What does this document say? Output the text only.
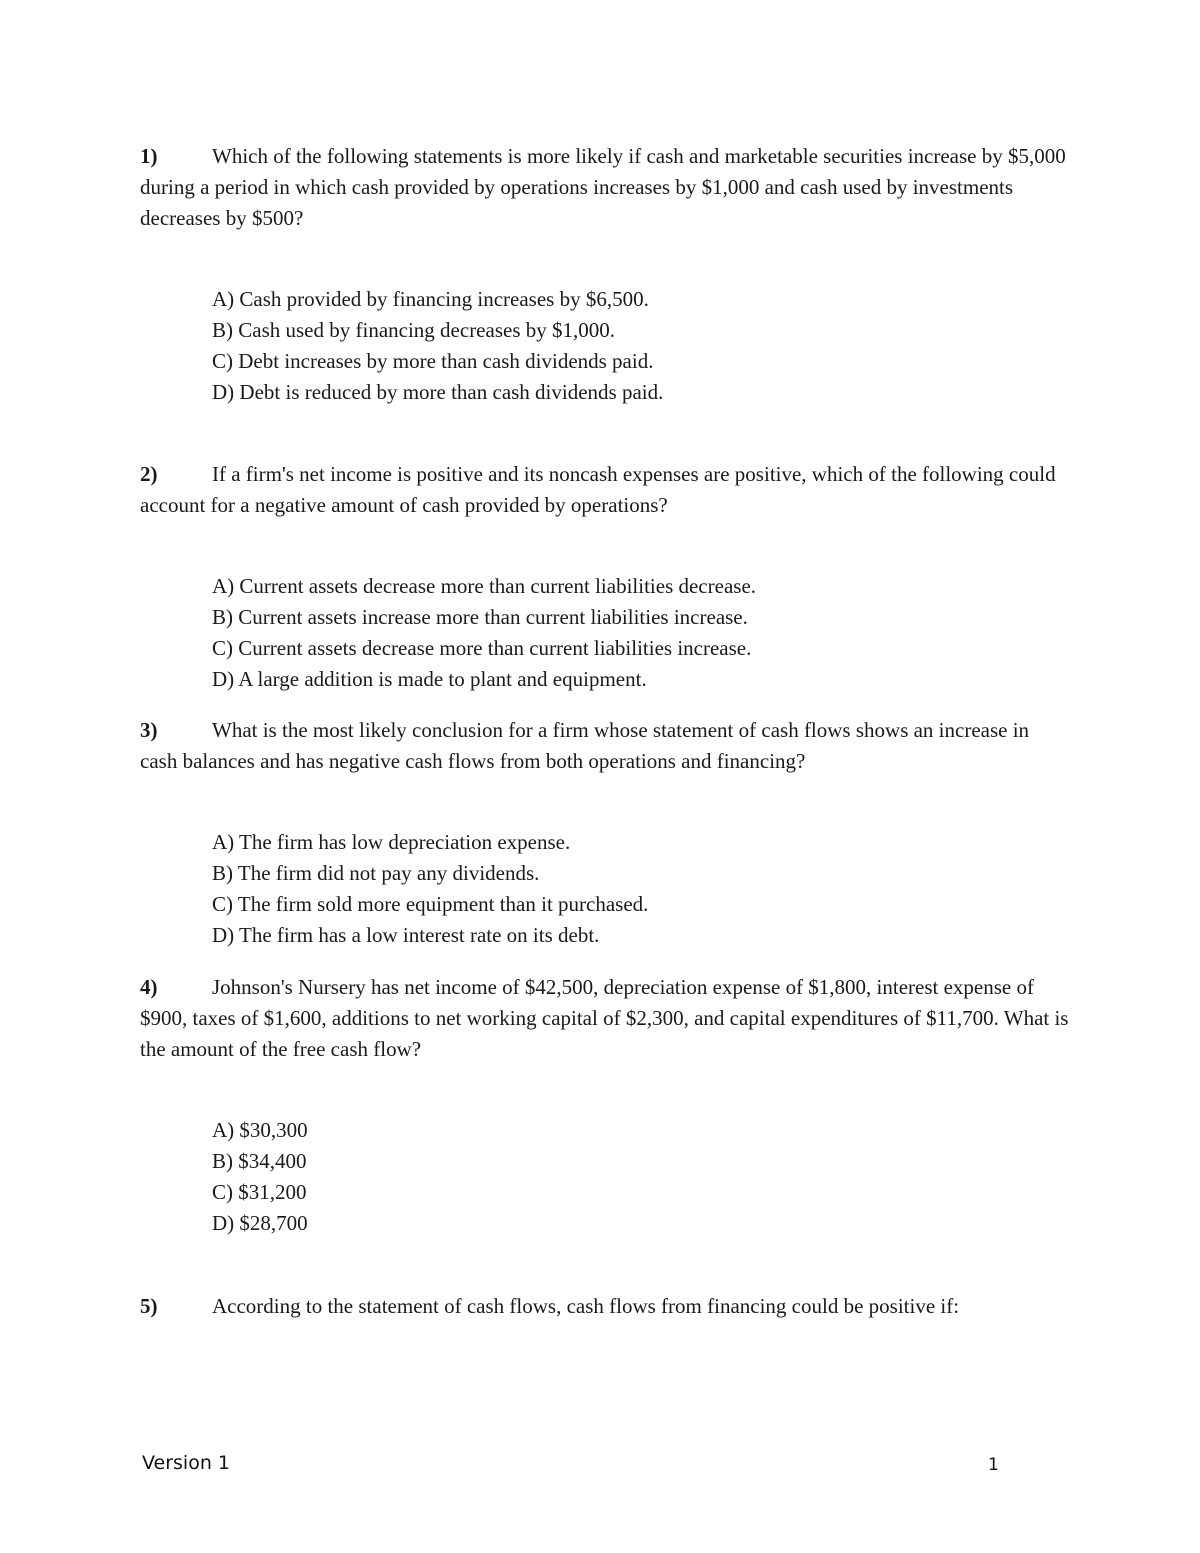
1)	Which of the following statements is more likely if cash and marketable securities increase by $5,000 during a period in which cash provided by operations increases by $1,000 and cash used by investments decreases by $500?

A) Cash provided by financing increases by $6,500.
B) Cash used by financing decreases by $1,000.
C) Debt increases by more than cash dividends paid.
D) Debt is reduced by more than cash dividends paid.

2)	If a firm's net income is positive and its noncash expenses are positive, which of the following could account for a negative amount of cash provided by operations?

A) Current assets decrease more than current liabilities decrease.
B) Current assets increase more than current liabilities increase.
C) Current assets decrease more than current liabilities increase.
D) A large addition is made to plant and equipment.

3)	What is the most likely conclusion for a firm whose statement of cash flows shows an increase in cash balances and has negative cash flows from both operations and financing?

A) The firm has low depreciation expense.
B) The firm did not pay any dividends.
C) The firm sold more equipment than it purchased.
D) The firm has a low interest rate on its debt.

4)	Johnson's Nursery has net income of $42,500, depreciation expense of $1,800, interest expense of $900, taxes of $1,600, additions to net working capital of $2,300, and capital expenditures of $11,700. What is the amount of the free cash flow?

A) $30,300
B) $34,400
C) $31,200
D) $28,700

5)	According to the statement of cash flows, cash flows from financing could be positive if:

Version 1	1
